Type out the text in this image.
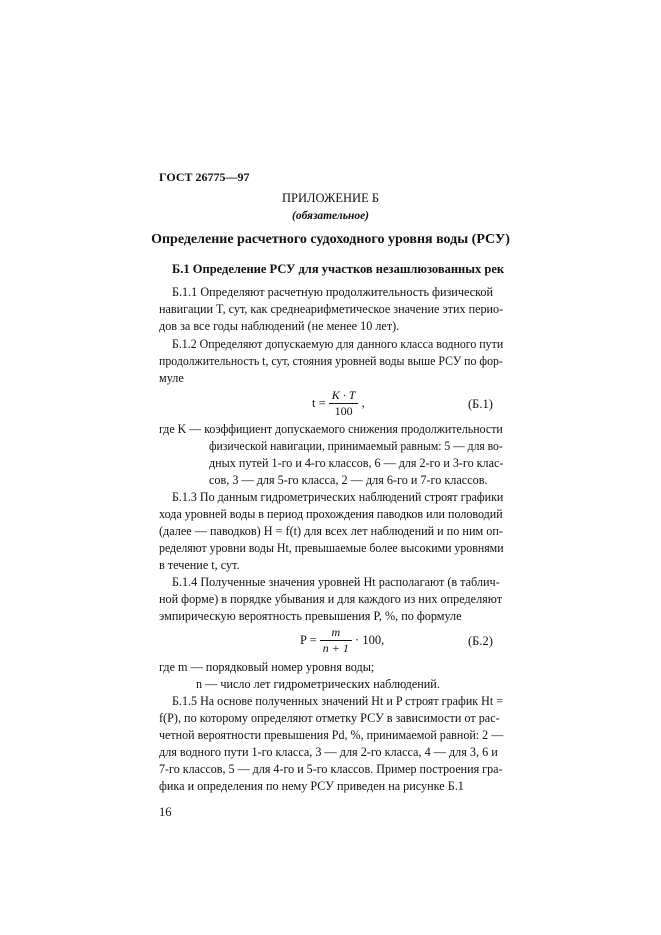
ГОСТ 26775—97
ПРИЛОЖЕНИЕ Б
(обязательное)
Определение расчетного судоходного уровня воды (РСУ)
Б.1 Определение РСУ для участков незашлюзованных рек
Б.1.1 Определяют расчетную продолжительность физической
навигации T, сут, как среднеарифметическое значение этих перио-
дов за все годы наблюдений (не менее 10 лет).
Б.1.2 Определяют допускаемую для данного класса водного пути
продолжительность t, сут, стояния уровней воды выше РСУ по фор-
муле
$t = \frac{K \cdot T}{100}$ ,	(Б.1)
где K — коэффициент допускаемого снижения продолжительности
физической навигации, принимаемый равным: 5 — для во-
дных путей 1-го и 4-го классов, 6 — для 2-го и 3-го клас-
сов, 3 — для 5-го класса, 2 — для 6-го и 7-го классов.
Б.1.3 По данным гидрометрических наблюдений строят графики
хода уровней воды в период прохождения паводков или половодий
(далее — паводков) H = f(t) для всех лет наблюдений и по ним оп-
ределяют уровни воды Ht, превышаемые более высокими уровнями
в течение t, сут.
Б.1.4 Полученные значения уровней Ht располагают (в таблич-
ной форме) в порядке убывания и для каждого из них определяют
эмпирическую вероятность превышения P, %, по формуле
$P = \frac{m}{n + 1} \cdot 100$,	(Б.2)
где m — порядковый номер уровня воды;
n — число лет гидрометрических наблюдений.
Б.1.5 На основе полученных значений Ht и P строят график Ht =
f(P), по которому определяют отметку РСУ в зависимости от рас-
четной вероятности превышения Pd, %, принимаемой равной: 2 —
для водного пути 1-го класса, 3 — для 2-го класса, 4 — для 3, 6 и
7-го классов, 5 — для 4-го и 5-го классов. Пример построения гра-
фика и определения по нему РСУ приведен на рисунке Б.1
16
